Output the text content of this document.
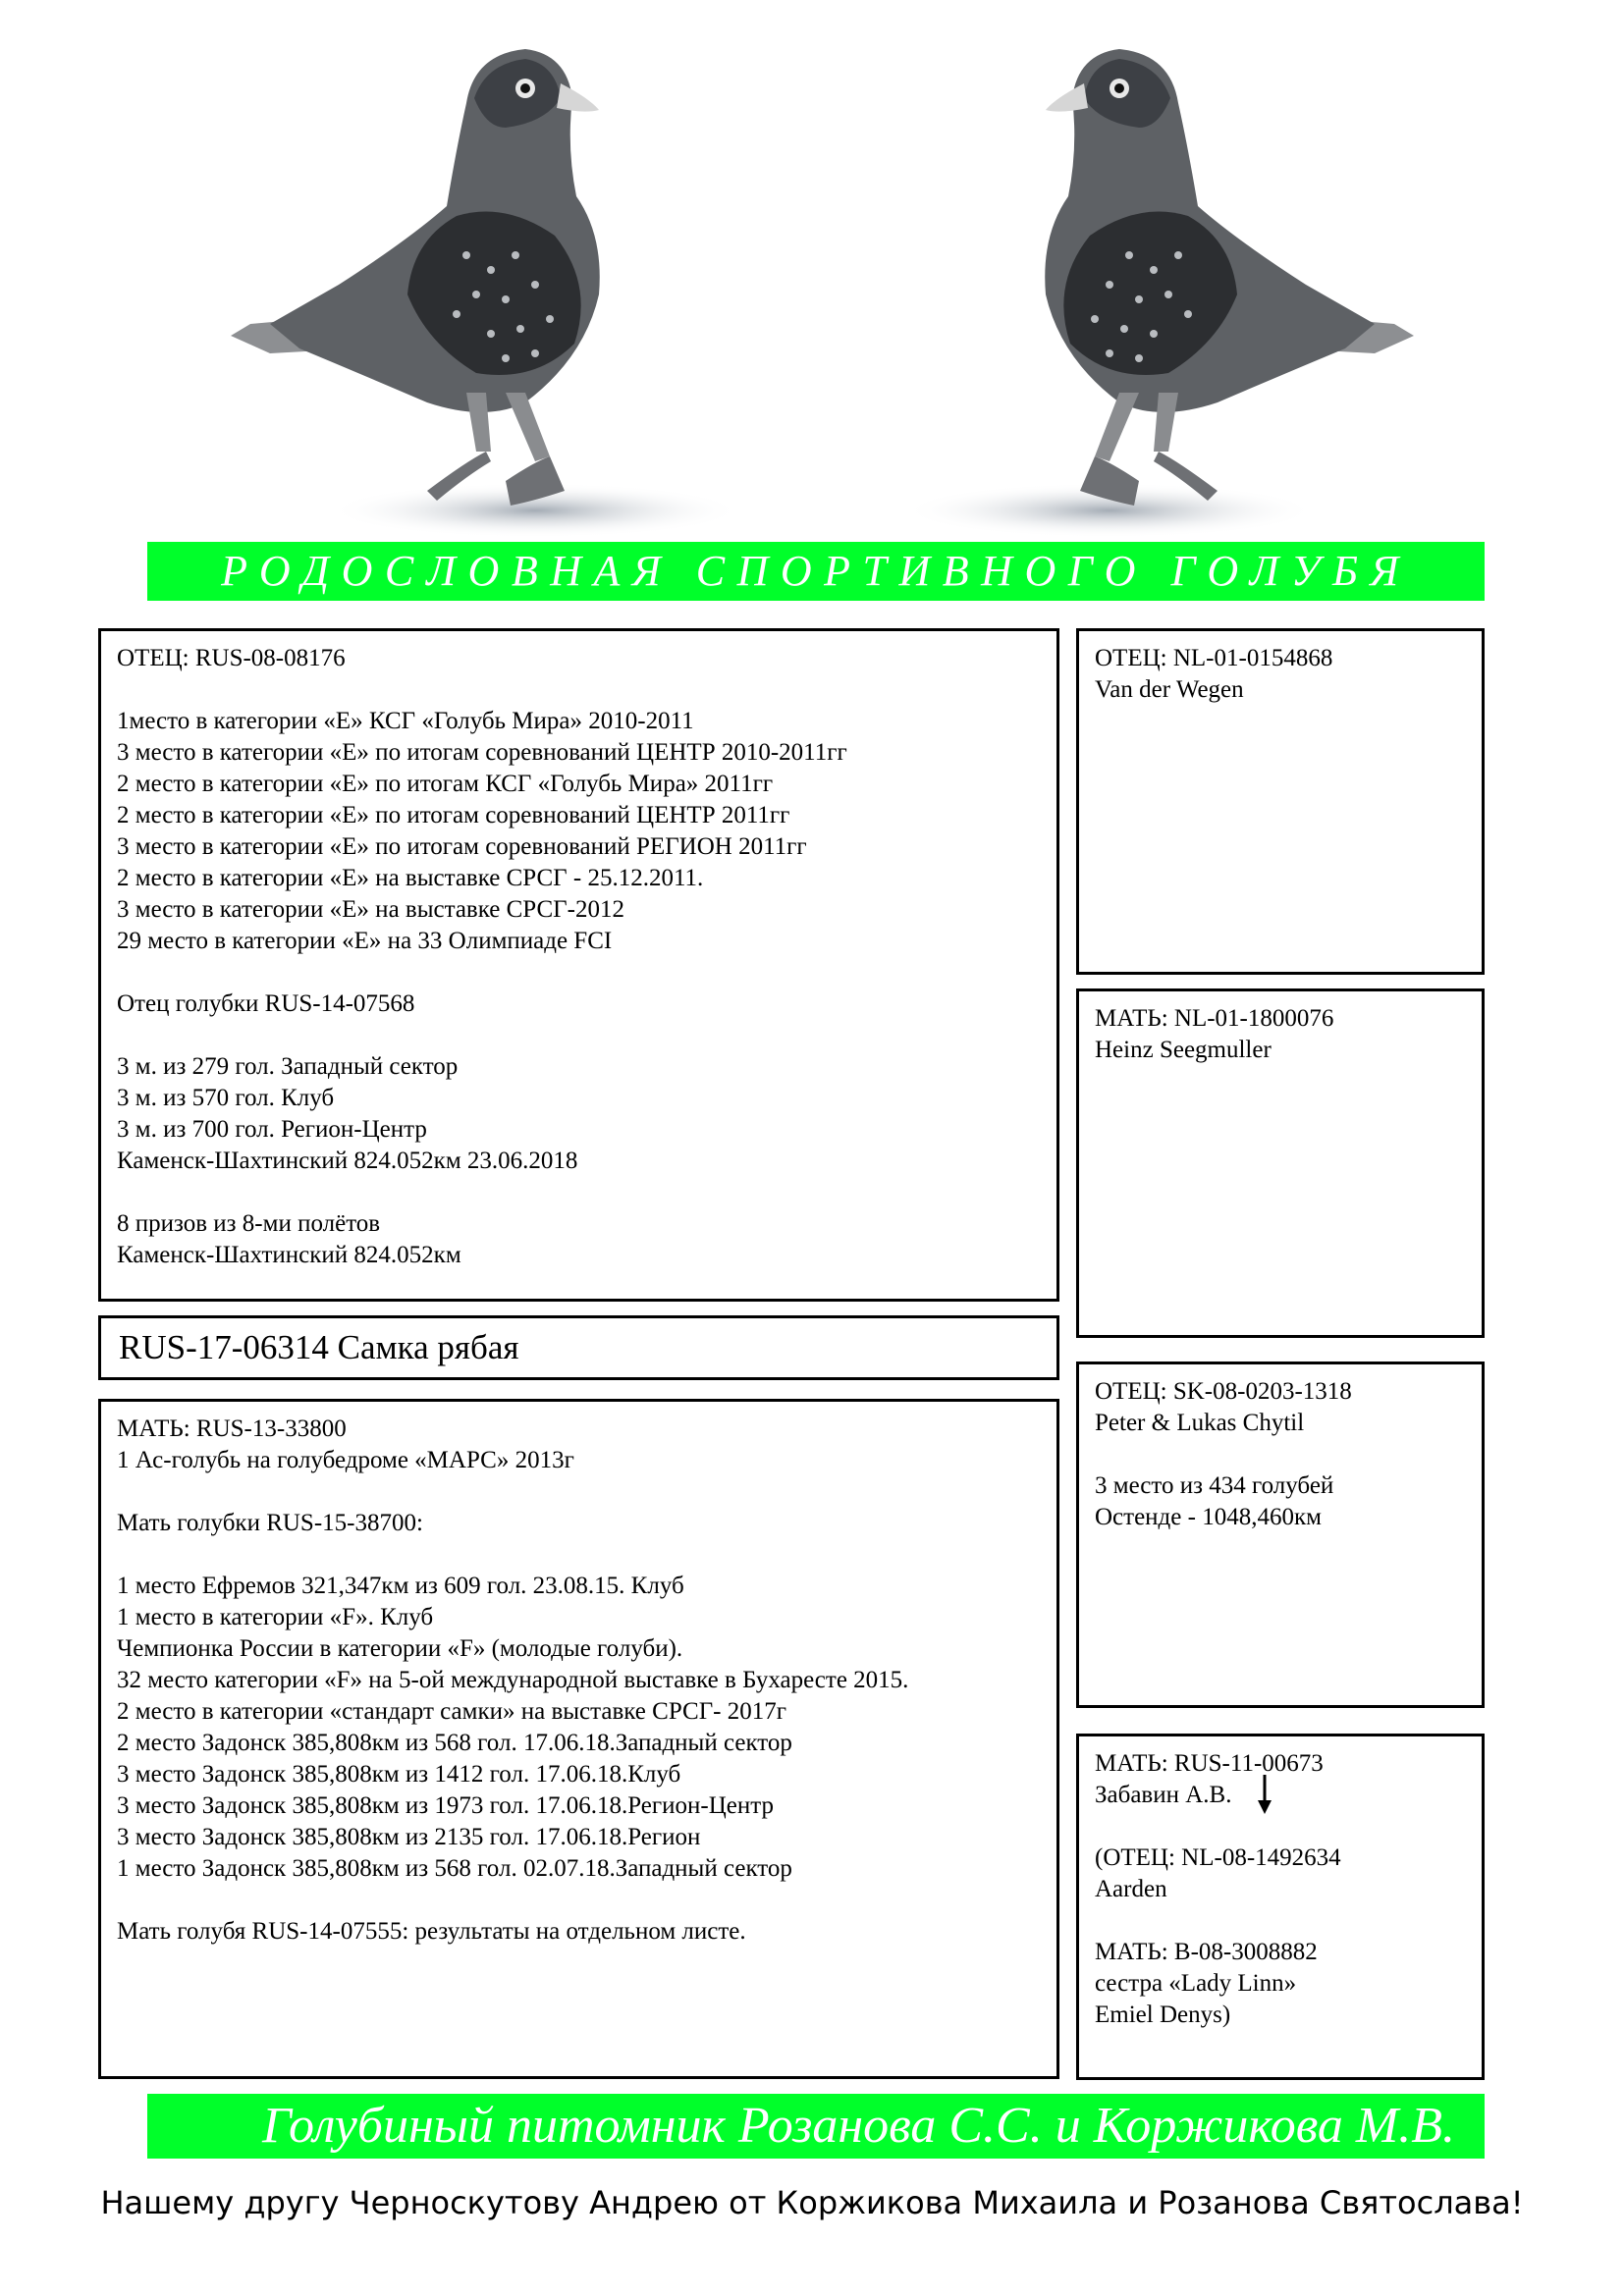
РОДОСЛОВНАЯ СПОРТИВНОГО ГОЛУБЯ
ОТЕЦ: RUS-08-08176
1место в категории «Е» КСГ «Голубь Мира» 2010-2011
3 место в категории «Е» по итогам соревнований ЦЕНТР 2010-2011гг
2 место в категории «Е» по итогам КСГ «Голубь Мира» 2011гг
2 место в категории «Е» по итогам соревнований ЦЕНТР 2011гг
3 место в категории «Е» по итогам соревнований РЕГИОН 2011гг
2 место в категории «Е» на выставке СРСГ - 25.12.2011.
3 место в категории «Е» на выставке СРСГ-2012
29 место в категории «Е» на 33 Олимпиаде FCI
Отец голубки RUS-14-07568
3 м. из 279 гол. Западный сектор
3 м. из 570 гол. Клуб
3 м. из 700 гол. Регион-Центр
Каменск-Шахтинский 824.052км 23.06.2018
8 призов из 8-ми полётов
Каменск-Шахтинский 824.052км
ОТЕЦ: NL-01-0154868
Van der Wegen
МАТЬ: NL-01-1800076
Heinz Seegmuller
RUS-17-06314 Самка рябая
МАТЬ: RUS-13-33800
1 Ас-голубь на голубедроме «МАРС» 2013г
Мать голубки RUS-15-38700:
1 место Ефремов 321,347км из 609 гол. 23.08.15. Клуб
1 место в категории «F». Клуб
Чемпионка России в категории «F» (молодые голуби).
32 место категории «F» на 5-ой международной выставке в Бухаресте 2015.
2 место в категории «стандарт самки» на выставке СРСГ- 2017г
2 место Задонск 385,808км из 568 гол. 17.06.18.Западный сектор
3 место Задонск 385,808км из 1412 гол. 17.06.18.Клуб
3 место Задонск 385,808км из 1973 гол. 17.06.18.Регион-Центр
3 место Задонск 385,808км из 2135 гол. 17.06.18.Регион
1 место Задонск 385,808км из 568 гол. 02.07.18.Западный сектор
Мать голубя RUS-14-07555: результаты на отдельном листе.
ОТЕЦ: SK-08-0203-1318
Peter & Lukas Chytil
3 место из 434 голубей
Остенде - 1048,460км
МАТЬ: RUS-11-00673
Забавин А.В.
(ОТЕЦ: NL-08-1492634
Aarden
МАТЬ: B-08-3008882
сестра «Lady Linn»
Emiel Denys)
Голубиный питомник Розанова С.С. и Коржикова М.В.
Нашему другу Черноскутову Андрею от Коржикова Михаила и Розанова Святослава!
